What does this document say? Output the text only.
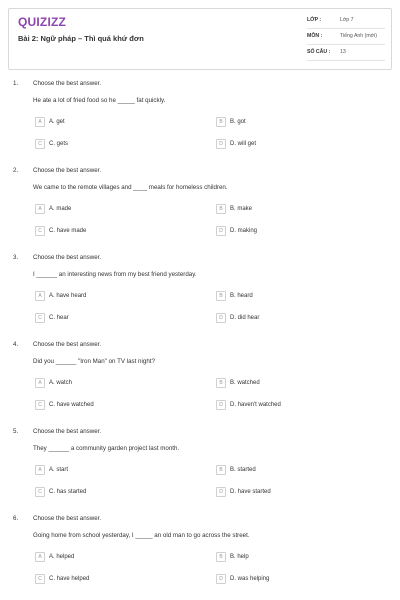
QUIZIZZ
Bài 2: Ngữ pháp – Thì quá khứ đơn
LỚP :	Lớp 7
MÔN :	Tiếng Anh (mới)
SỐ CÂU : 13
1. Choose the best answer.
He ate a lot of fried food so he _____ fat quickly.
A	A. get	B	B. got
C	C. gets	D	D. will get
2. Choose the best answer.
We came to the remote villages and ____ meals for homeless children.
A	A. made	B	B. make
C	C. have made	D	D. making
3. Choose the best answer.
I ______ an interesting news from my best friend yesterday.
A	A. have heard	B	B. heard
C	C. hear	D	D. did hear
4. Choose the best answer.
Did you ______ "Iron Man" on TV last night?
A	A. watch	B	B. watched
C	C. have watched	D	D. haven't watched
5. Choose the best answer.
They ______ a community garden project last month.
A	A. start	B	B. started
C	C. has started	D	D. have started
6. Choose the best answer.
Going home from school yesterday, I _____ an old man to go across the street.
A	A. helped	B	B. help
C	C. have helped	D	D. was helping
